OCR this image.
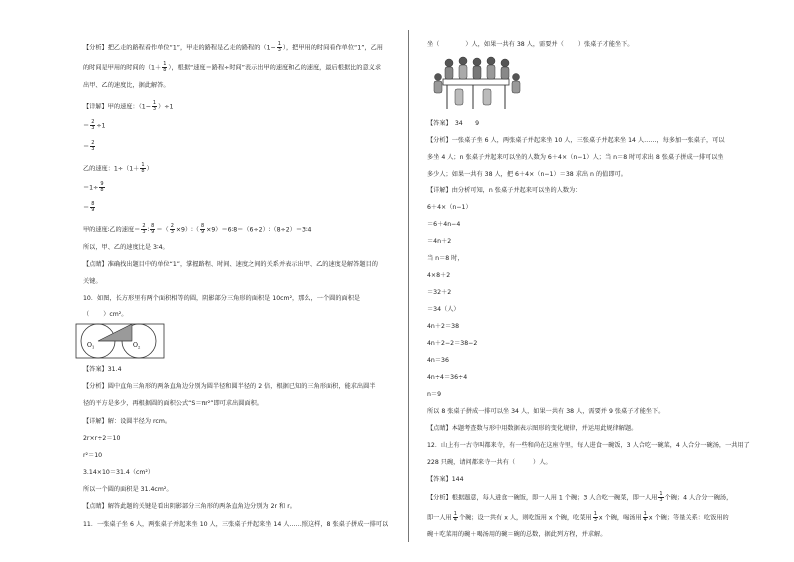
【分析】把乙走的路程看作单位“1”，甲走的路程是乙走的路程的（$1- \frac{1}{3}$ ），把甲用的时间看作单位“1”，乙用
的时间是甲用的时间的（$1+ \frac{1}{8}$ ），根据“速度＝路程÷时间”表示出甲的速度和乙的速度，最后根据比的意义求
出甲、乙的速度比，据此解答。
【详解】甲的速度：$(1- \frac{1}{3} )\div 1$
＝ $\frac{2}{3} \div 1$
＝ $\frac{2}{3}$
乙的速度：$1\div(1+ \frac{1}{8}$ ）
$=1\div \frac{9}{8}$
＝ $\frac{8}{9}$
甲的速度∶乙的速度＝ $\frac{2}{3}$ ∶ $\frac{8}{9}$ ＝（ $\frac{2}{3}$ ×9）∶（ $\frac{8}{9}$ ×9）＝6∶8＝（6÷2）∶（8÷2）＝3∶4
所以，甲、乙的速度比是 3∶4。
【点睛】准确找出题目中的单位“1”，掌握路程、时间、速度之间的关系并表示出甲、乙的速度是解答题目的
关键。
10．如图，长方形里有两个面积相等的圆，阴影部分三角形的面积是 10cm²，那么，一个圆的面积是
（ ）cm²。
$O_1$	$O_2$
【答案】31.4
【分析】圆中直角三角形的两条直角边分别为圆半径和圆半径的 2 倍，根据已知的三角形面积，能求出圆半
径的平方是多少，再根据圆的面积公式“S＝πr²”即可求出圆面积。
【详解】解：设圆半径为 rcm。
2r×r÷2＝10
r²＝10
3.14×10＝31.4（cm²）
所以一个圆的面积是 31.4cm²。
【点睛】解答此题的关键是看出阴影部分三角形的两条直角边分别为 2r 和 r。
11．一张桌子坐 6 人，两张桌子并起来坐 10 人，三张桌子并起来坐 14 人……照这样，8 张桌子拼成一排可以
坐（	）人，如果一共有 38 人，需要并（ ）张桌子才能坐下。
【答案】　34　　9
【分析】一张桌子坐 6 人，两张桌子并起来坐 10 人，三张桌子并起来坐 14 人……，每多加一张桌子，可以
多坐 4 人；n 张桌子并起来可以坐的人数为 6＋4×（n−1）人；当 n＝8 时可求出 8 张桌子拼成一排可以坐
多少人；如果一共有 38 人，把 6＋4×（n−1）＝38 求出 n 的值即可。
【详解】由分析可知，n 张桌子并起来可以坐的人数为：
6＋4×（n−1）
＝6＋4n−4
＝4n＋2
当 n＝8 时，
4×8＋2
＝32＋2
＝34（人）
4n＋2＝38
4n＋2−2＝38−2
4n＝36
4n÷4＝36÷4
n＝9
所以 8 张桌子拼成一排可以坐 34 人，如果一共有 38 人，需要并 9 张桌子才能坐下。
【点睛】本题考查数与形中用数据表示图形的变化规律，并运用此规律解题。
12．山上有一古寺叫都来寺，有一些和尚在这座寺里，每人进食一碗饭，3 人合吃一碗菜，4 人合分一碗汤，一共用了
228 只碗，请问都来寺一共有（	）人。
【答案】144
【分析】根据题意，每人进食一碗饭，即一人用 1 个碗；3 人合吃一碗菜，即一人用 $\frac{1}{3}$ 个碗；4 人合分一碗汤，
即一人用 $\frac{1}{4}$ 个碗；设一共有 x 人，则吃饭用 x 个碗，吃菜用 $\frac{1}{3}$ x 个碗，喝汤用 $\frac{1}{4}$ x 个碗；等量关系：吃饭用的
碗＋吃菜用的碗＋喝汤用的碗＝碗的总数，据此列方程，并求解。
